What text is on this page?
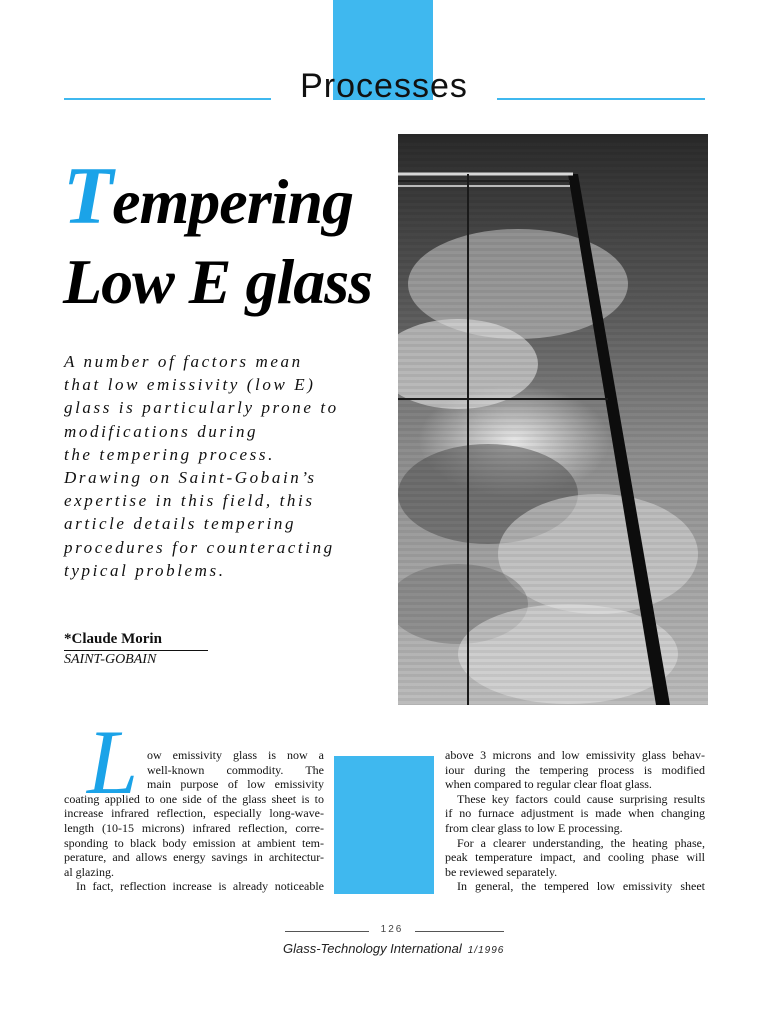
Processes
Tempering
Low E glass
A number of factors mean
that low emissivity (low E)
glass is particularly prone to
modifications during
the tempering process.
Drawing on Saint-Gobain’s
expertise in this field, this
article details tempering
procedures for counteracting
typical problems.
*Claude Morin
SAINT-GOBAIN
L ow emissivity glass is now a
well-known commodity. The
main purpose of low emissivity
coating applied to one side of the glass sheet is to
increase infrared reflection, especially long-wave-
length (10-15 microns) infrared reflection, corre-
sponding to black body emission at ambient tem-
perature, and allows energy savings in architectur-
al glazing.
In fact, reflection increase is already noticeable
above 3 microns and low emissivity glass behav-
iour during the tempering process is modified
when compared to regular clear float glass.
These key factors could cause surprising results
if no furnace adjustment is made when changing
from clear glass to low E processing.
For a clearer understanding, the heating phase,
peak temperature impact, and cooling phase will
be reviewed separately.
In general, the tempered low emissivity sheet
126
Glass-Technology International 1/1996
